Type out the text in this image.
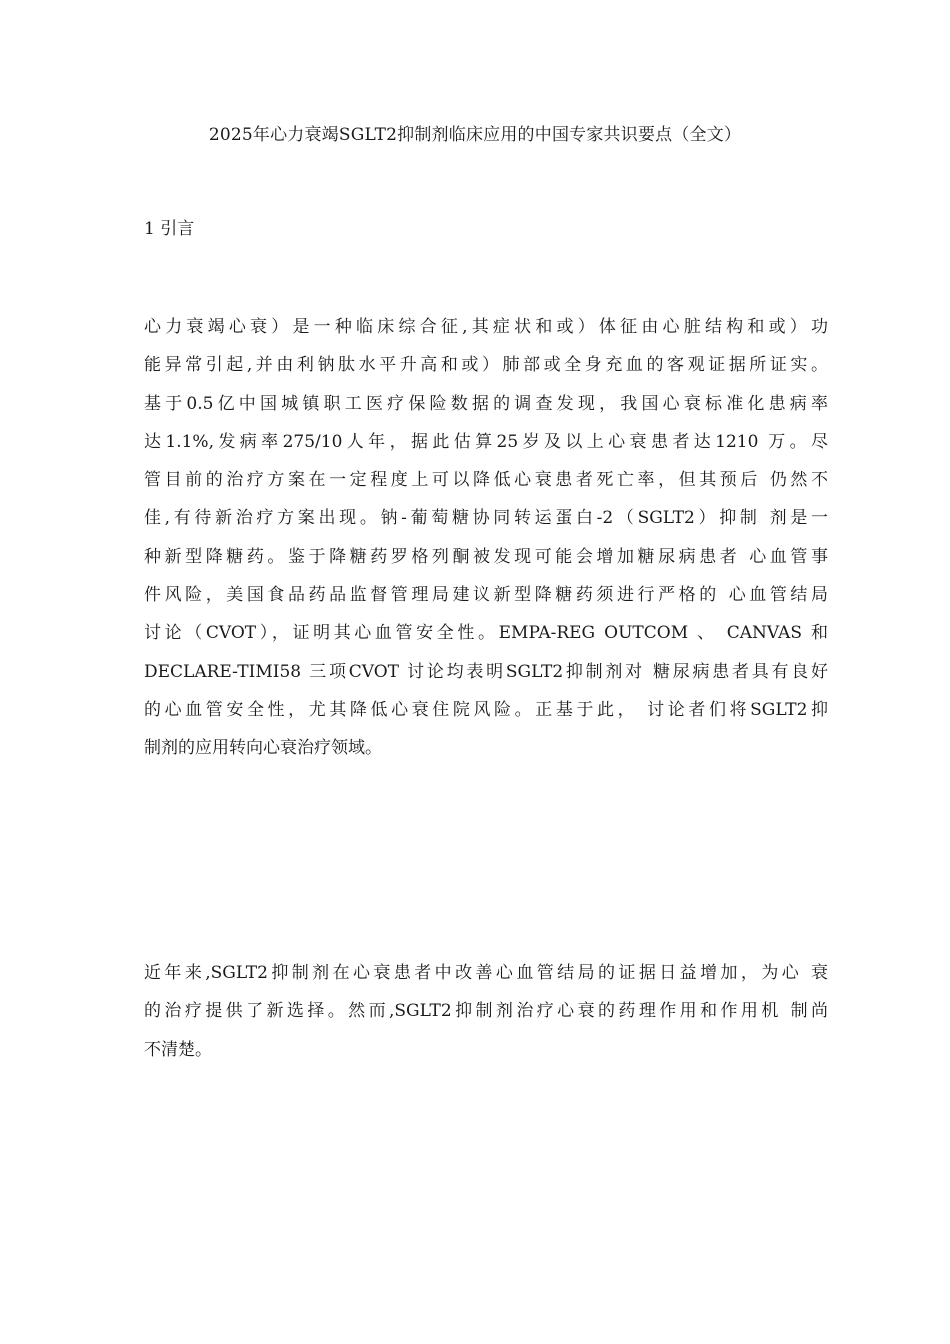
2025年心力衰竭SGLT2抑制剂临床应用的中国专家共识要点（全文）
1 引言
心力衰竭心衰）是一种临床综合征,其症状和或）体征由心脏结构和或）功
能异常引起,并由利钠肽水平升高和或）肺部或全身充血的客观证据所证实。
基于0.5亿中国城镇职工医疗保险数据的调查发现，我国心衰标准化患病率
达1.1%,发病率275/10人年，据此估算25岁及以上心衰患者达1210 万。尽
管目前的治疗方案在一定程度上可以降低心衰患者死亡率，但其预后 仍然不
佳,有待新治疗方案出现。钠-葡萄糖协同转运蛋白-2（SGLT2）抑制 剂是一
种新型降糖药。鉴于降糖药罗格列酮被发现可能会增加糖尿病患者 心血管事
件风险，美国食品药品监督管理局建议新型降糖药须进行严格的 心血管结局
讨论（CVOT），证明其心血管安全性。EMPA-REG OUTCOM 、 CANVAS 和
DECLARE-TIMI58 三项CVOT 讨论均表明SGLT2抑制剂对 糖尿病患者具有良好
的心血管安全性，尤其降低心衰住院风险。正基于此， 讨论者们将SGLT2抑
制剂的应用转向心衰治疗领域。
近年来,SGLT2抑制剂在心衰患者中改善心血管结局的证据日益增加，为心 衰
的治疗提供了新选择。然而,SGLT2抑制剂治疗心衰的药理作用和作用机 制尚
不清楚。
